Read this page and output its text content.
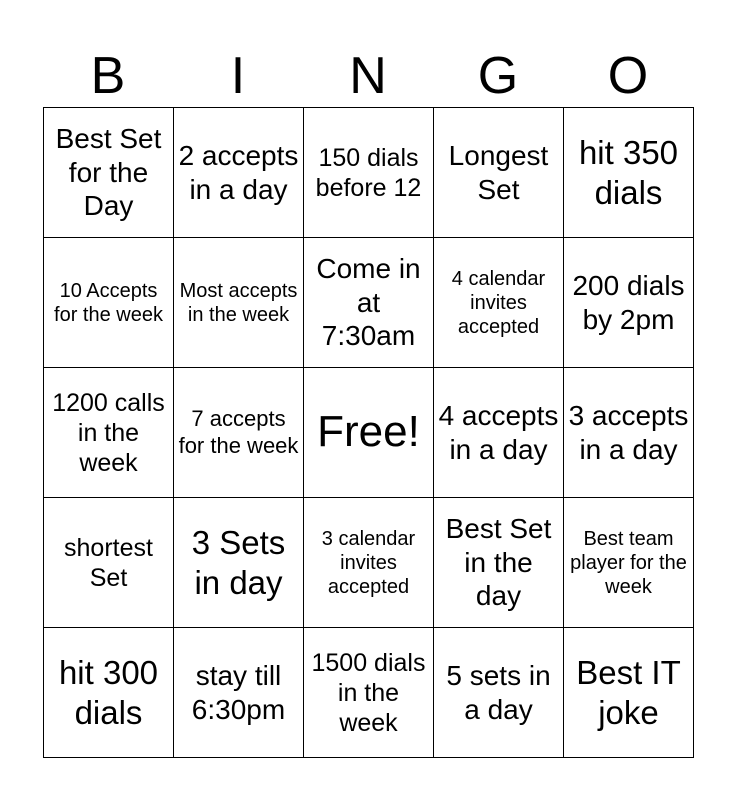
B	I	N	G	O
Best Set for the Day	2 accepts in a day	150 dials before 12	Longest Set	hit 350 dials
10 Accepts for the week	Most accepts in the week	Come in at 7:30am	4 calendar invites accepted	200 dials by 2pm
1200 calls in the week	7 accepts for the week	Free!	4 accepts in a day	3 accepts in a day
shortest Set	3 Sets in day	3 calendar invites accepted	Best Set in the day	Best team player for the week
hit 300 dials	stay till 6:30pm	1500 dials in the week	5 sets in a day	Best IT joke
